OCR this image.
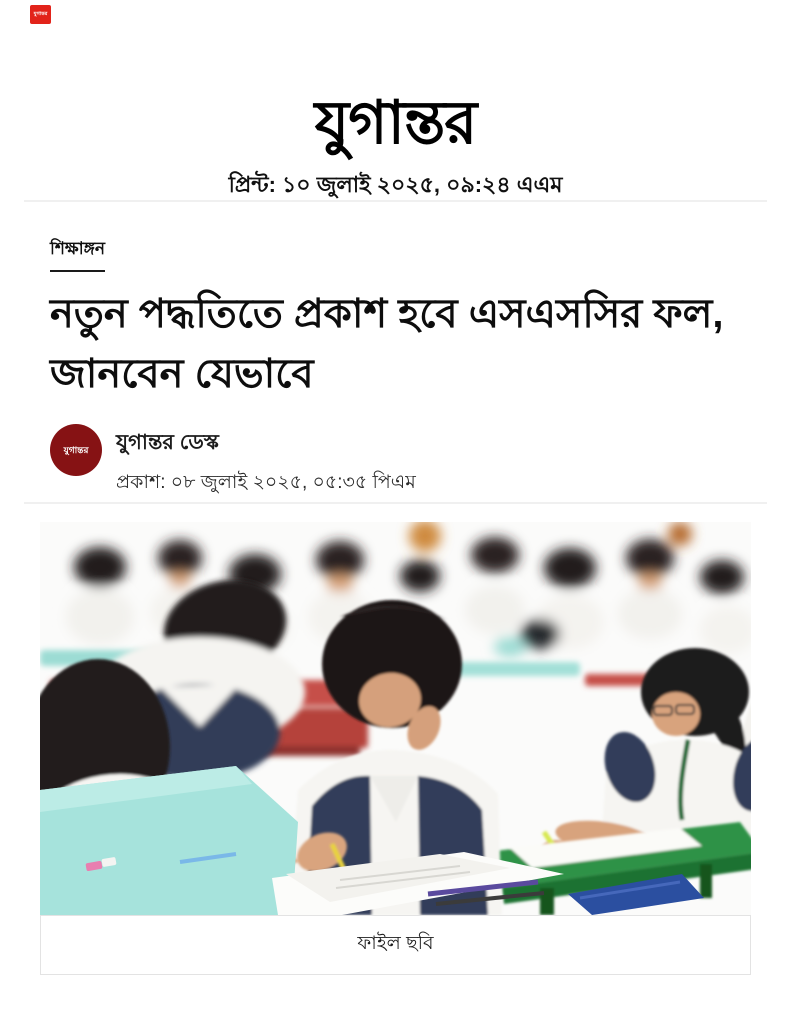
যুগান্তর
যুগান্তর
প্রিন্ট: ১০ জুলাই ২০২৫, ০৯:২৪ এএম
শিক্ষাঙ্গন
নতুন পদ্ধতিতে প্রকাশ হবে এসএসসির ফল, জানবেন যেভাবে
যুগান্তর যুগান্তর ডেস্ক
প্রকাশ: ০৮ জুলাই ২০২৫, ০৫:৩৫ পিএম
ফাইল ছবি
